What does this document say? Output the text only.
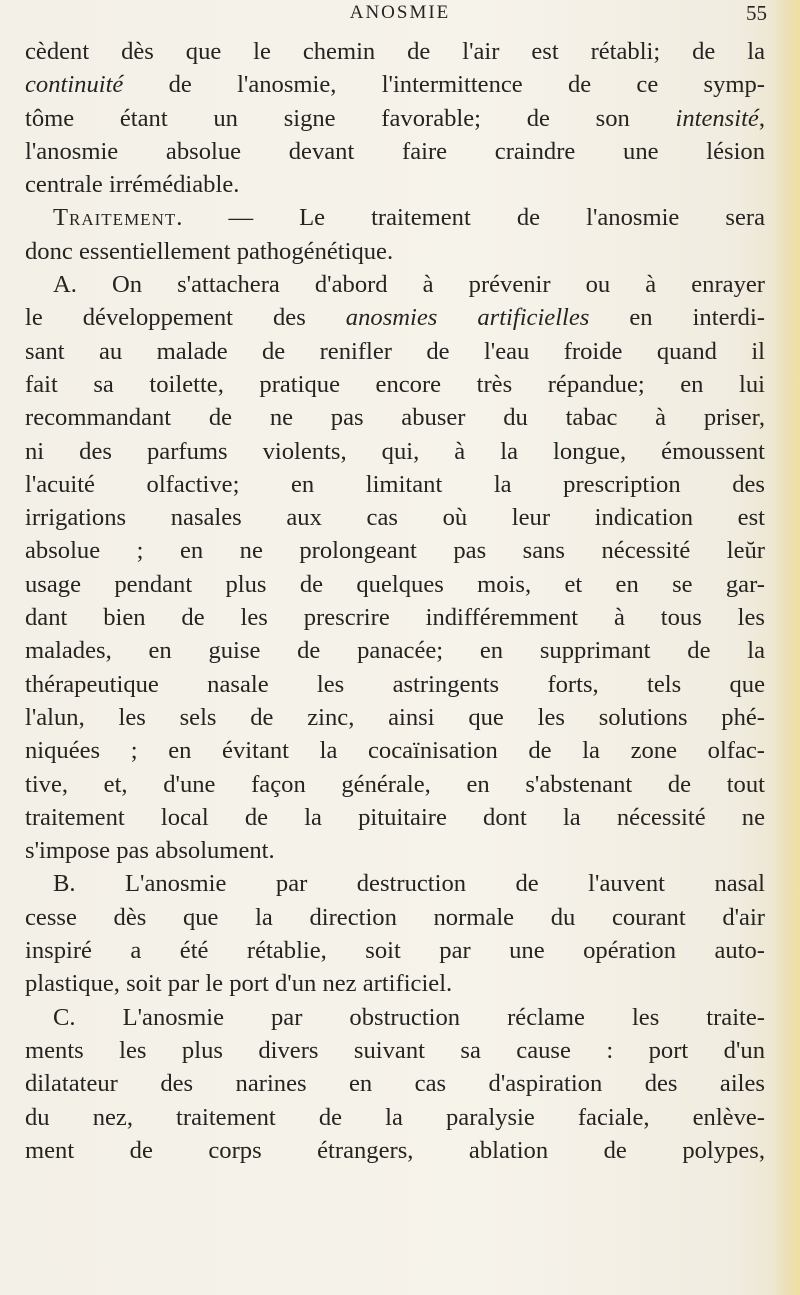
ANOSMIE	55
cèdent dès que le chemin de l'air est rétabli; de la
continuité de l'anosmie, l'intermittence de ce symp-
tôme étant un signe favorable; de son intensité,
l'anosmie absolue devant faire craindre une lésion
centrale irrémédiable.
Traitement. — Le traitement de l'anosmie sera
donc essentiellement pathogénétique.
A. On s'attachera d'abord à prévenir ou à enrayer
le développement des anosmies artificielles en interdi-
sant au malade de renifler de l'eau froide quand il
fait sa toilette, pratique encore très répandue; en lui
recommandant de ne pas abuser du tabac à priser,
ni des parfums violents, qui, à la longue, émoussent
l'acuité olfactive; en limitant la prescription des
irrigations nasales aux cas où leur indication est
absolue ; en ne prolongeant pas sans nécessité leŭr
usage pendant plus de quelques mois, et en se gar-
dant bien de les prescrire indifféremment à tous les
malades, en guise de panacée; en supprimant de la
thérapeutique nasale les astringents forts, tels que
l'alun, les sels de zinc, ainsi que les solutions phé-
niquées ; en évitant la cocaïnisation de la zone olfac-
tive, et, d'une façon générale, en s'abstenant de tout
traitement local de la pituitaire dont la nécessité ne
s'impose pas absolument.
B. L'anosmie par destruction de l'auvent nasal
cesse dès que la direction normale du courant d'air
inspiré a été rétablie, soit par une opération auto-
plastique, soit par le port d'un nez artificiel.
C. L'anosmie par obstruction réclame les traite-
ments les plus divers suivant sa cause : port d'un
dilatateur des narines en cas d'aspiration des ailes
du nez, traitement de la paralysie faciale, enlève-
ment de corps étrangers, ablation de polypes,
